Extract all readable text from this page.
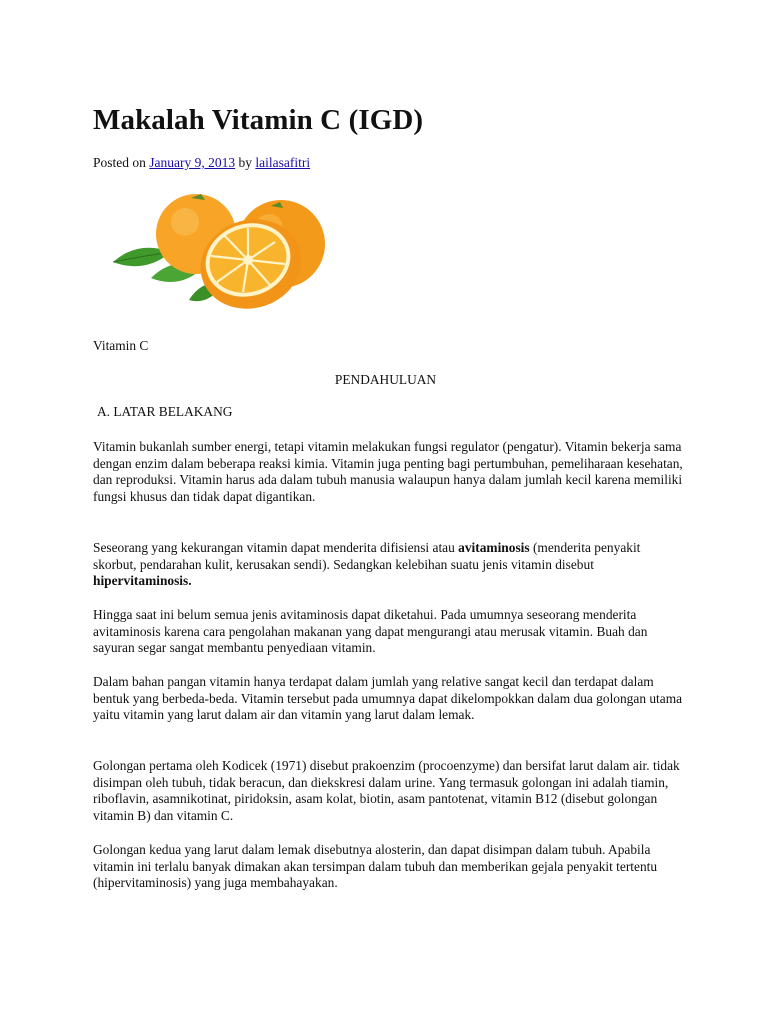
Makalah Vitamin C (IGD)
Posted on January 9, 2013 by lailasafitri

Vitamin C

PENDAHULUAN

A. LATAR BELAKANG

Vitamin bukanlah sumber energi, tetapi vitamin melakukan fungsi regulator (pengatur). Vitamin bekerja sama dengan enzim dalam beberapa reaksi kimia. Vitamin juga penting bagi pertumbuhan, pemeliharaan kesehatan, dan reproduksi. Vitamin harus ada dalam tubuh manusia walaupun hanya dalam jumlah kecil karena memiliki fungsi khusus dan tidak dapat digantikan.

Seseorang yang kekurangan vitamin dapat menderita difisiensi atau avitaminosis (menderita penyakit skorbut, pendarahan kulit, kerusakan sendi). Sedangkan kelebihan suatu jenis vitamin disebut hipervitaminosis.

Hingga saat ini belum semua jenis avitaminosis dapat diketahui. Pada umumnya seseorang menderita avitaminosis karena cara pengolahan makanan yang dapat mengurangi atau merusak vitamin. Buah dan sayuran segar sangat membantu penyediaan vitamin.

Dalam bahan pangan vitamin hanya terdapat dalam jumlah yang relative sangat kecil dan terdapat dalam bentuk yang berbeda-beda. Vitamin tersebut pada umumnya dapat dikelompokkan dalam dua golongan utama yaitu vitamin yang larut dalam air dan vitamin yang larut dalam lemak.

Golongan pertama oleh Kodicek (1971) disebut prakoenzim (procoenzyme) dan bersifat larut dalam air. tidak disimpan oleh tubuh, tidak beracun, dan diekskresi dalam urine. Yang termasuk golongan ini adalah tiamin, riboflavin, asamnikotinat, piridoksin, asam kolat, biotin, asam pantotenat, vitamin B12 (disebut golongan vitamin B) dan vitamin C.

Golongan kedua yang larut dalam lemak disebutnya alosterin, dan dapat disimpan dalam tubuh. Apabila vitamin ini terlalu banyak dimakan akan tersimpan dalam tubuh dan memberikan gejala penyakit tertentu (hipervitaminosis) yang juga membahayakan.
